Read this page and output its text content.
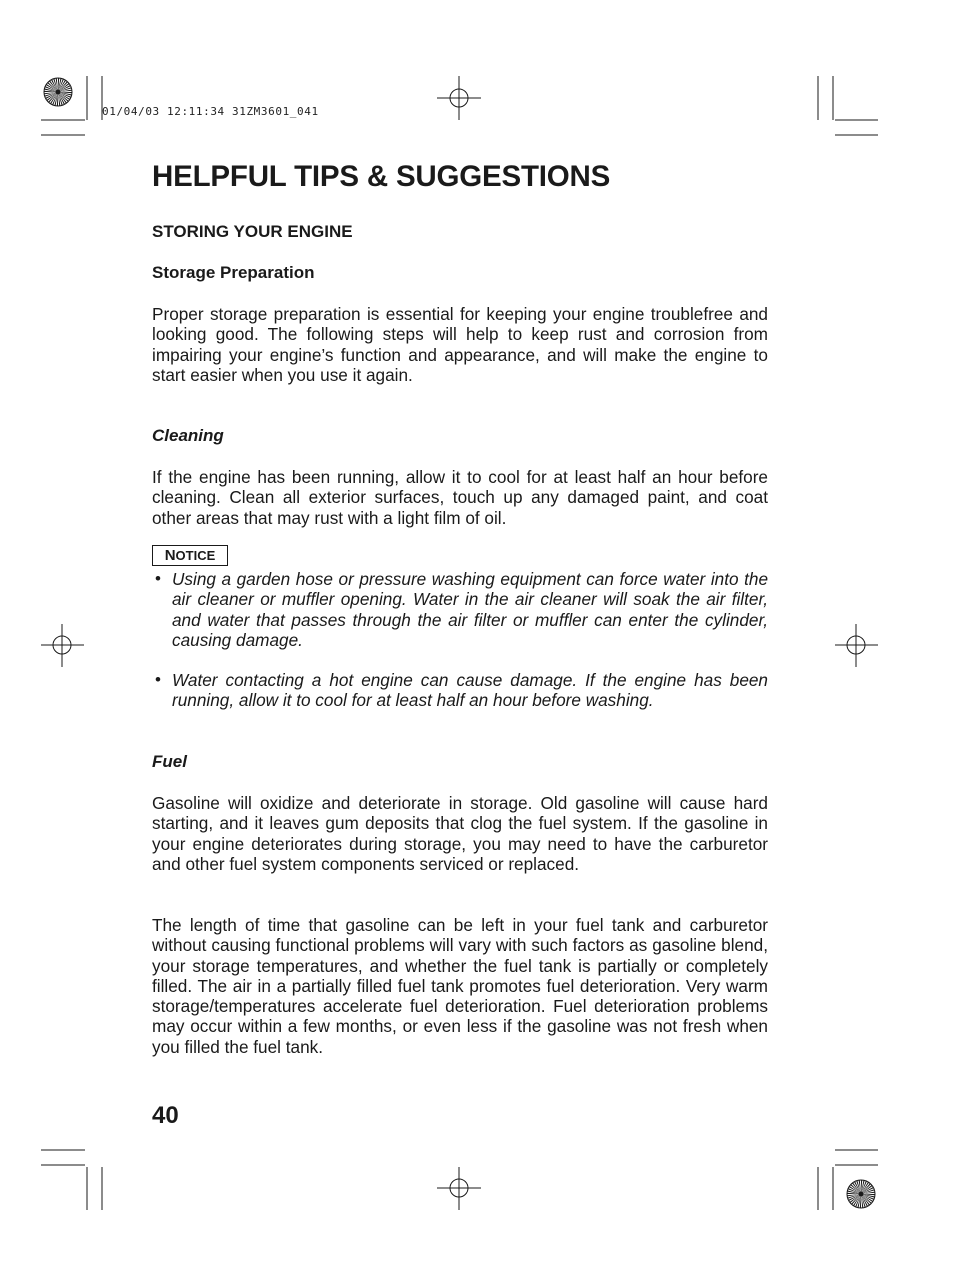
01/04/03 12:11:34 31ZM3601_041
HELPFUL TIPS & SUGGESTIONS
STORING YOUR ENGINE
Storage Preparation

Proper storage preparation is essential for keeping your engine troublefree and looking good. The following steps will help to keep rust and corrosion from impairing your engine’s function and appearance, and will make the engine to start easier when you use it again.

Cleaning

If the engine has been running, allow it to cool for at least half an hour before cleaning. Clean all exterior surfaces, touch up any damaged paint, and coat other areas that may rust with a light film of oil.

NOTICE
• Using a garden hose or pressure washing equipment can force water into the air cleaner or muffler opening. Water in the air cleaner will soak the air filter, and water that passes through the air filter or muffler can enter the cylinder, causing damage.

• Water contacting a hot engine can cause damage. If the engine has been running, allow it to cool for at least half an hour before washing.

Fuel

Gasoline will oxidize and deteriorate in storage. Old gasoline will cause hard starting, and it leaves gum deposits that clog the fuel system. If the gasoline in your engine deteriorates during storage, you may need to have the carburetor and other fuel system components serviced or replaced.

The length of time that gasoline can be left in your fuel tank and carburetor without causing functional problems will vary with such factors as gasoline blend, your storage temperatures, and whether the fuel tank is partially or completely filled. The air in a partially filled fuel tank promotes fuel deterioration. Very warm storage/temperatures accelerate fuel deterioration. Fuel deterioration problems may occur within a few months, or even less if the gasoline was not fresh when you filled the fuel tank.

40
